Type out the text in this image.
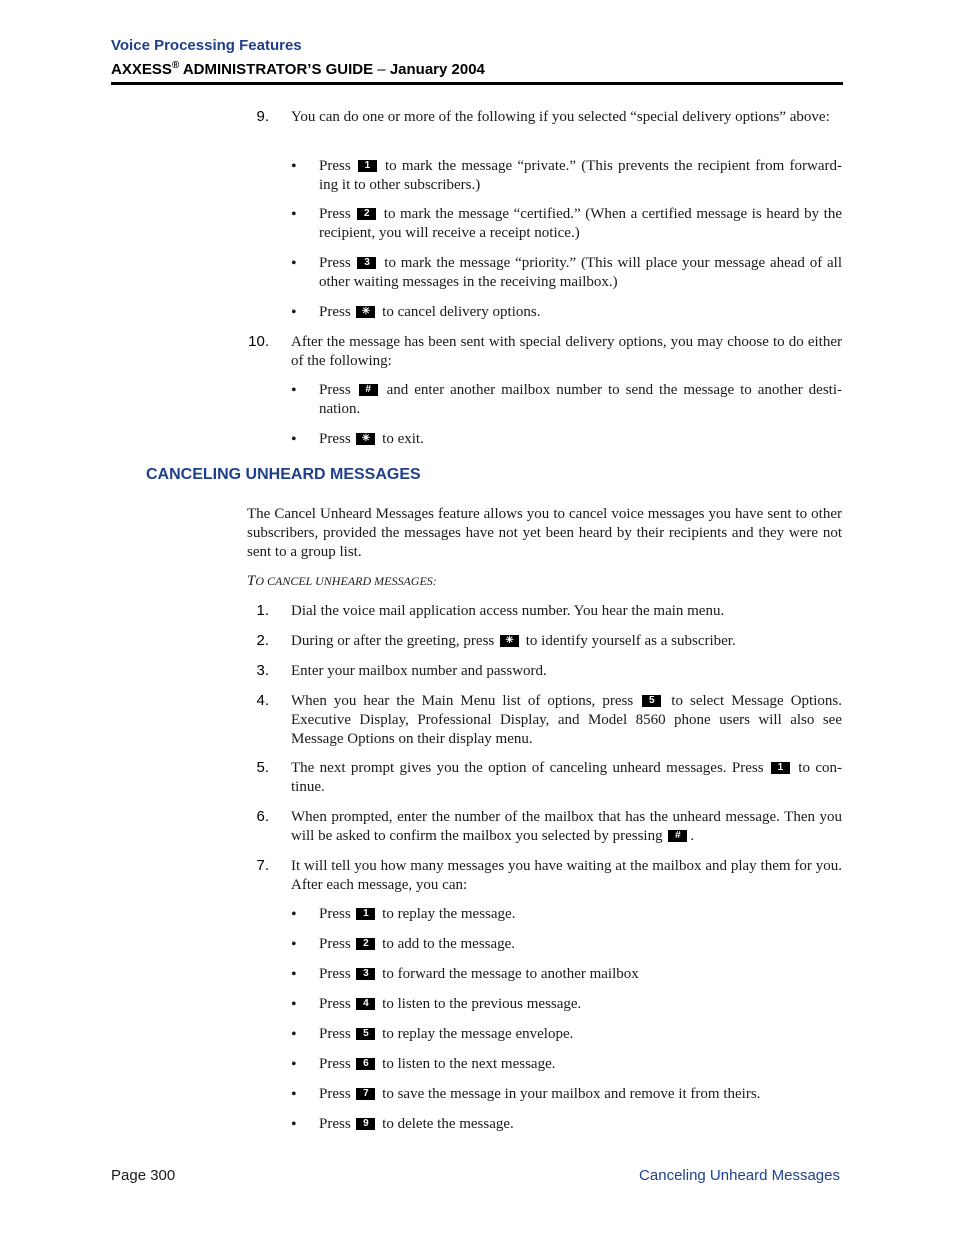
Voice Processing Features
AXXESS® ADMINISTRATOR’S GUIDE – January 2004
9. You can do one or more of the following if you selected “special delivery options” above:
• Press 1 to mark the message “private.” (This prevents the recipient from forward-ing it to other subscribers.)
• Press 2 to mark the message “certified.” (When a certified message is heard by the recipient, you will receive a receipt notice.)
• Press 3 to mark the message “priority.” (This will place your message ahead of all other waiting messages in the receiving mailbox.)
• Press ✳ to cancel delivery options.
10. After the message has been sent with special delivery options, you may choose to do either of the following:
• Press # and enter another mailbox number to send the message to another desti-nation.
• Press ✳ to exit.
CANCELING UNHEARD MESSAGES
The Cancel Unheard Messages feature allows you to cancel voice messages you have sent to other subscribers, provided the messages have not yet been heard by their recipients and they were not sent to a group list.
TO CANCEL UNHEARD MESSAGES:
1. Dial the voice mail application access number. You hear the main menu.
2. During or after the greeting, press ✳ to identify yourself as a subscriber.
3. Enter your mailbox number and password.
4. When you hear the Main Menu list of options, press 5 to select Message Options. Executive Display, Professional Display, and Model 8560 phone users will also see Message Options on their display menu.
5. The next prompt gives you the option of canceling unheard messages. Press 1 to con-tinue.
6. When prompted, enter the number of the mailbox that has the unheard message. Then you will be asked to confirm the mailbox you selected by pressing # .
7. It will tell you how many messages you have waiting at the mailbox and play them for you. After each message, you can:
• Press 1 to replay the message.
• Press 2 to add to the message.
• Press 3 to forward the message to another mailbox
• Press 4 to listen to the previous message.
• Press 5 to replay the message envelope.
• Press 6 to listen to the next message.
• Press 7 to save the message in your mailbox and remove it from theirs.
• Press 9 to delete the message.
Page 300	Canceling Unheard Messages
